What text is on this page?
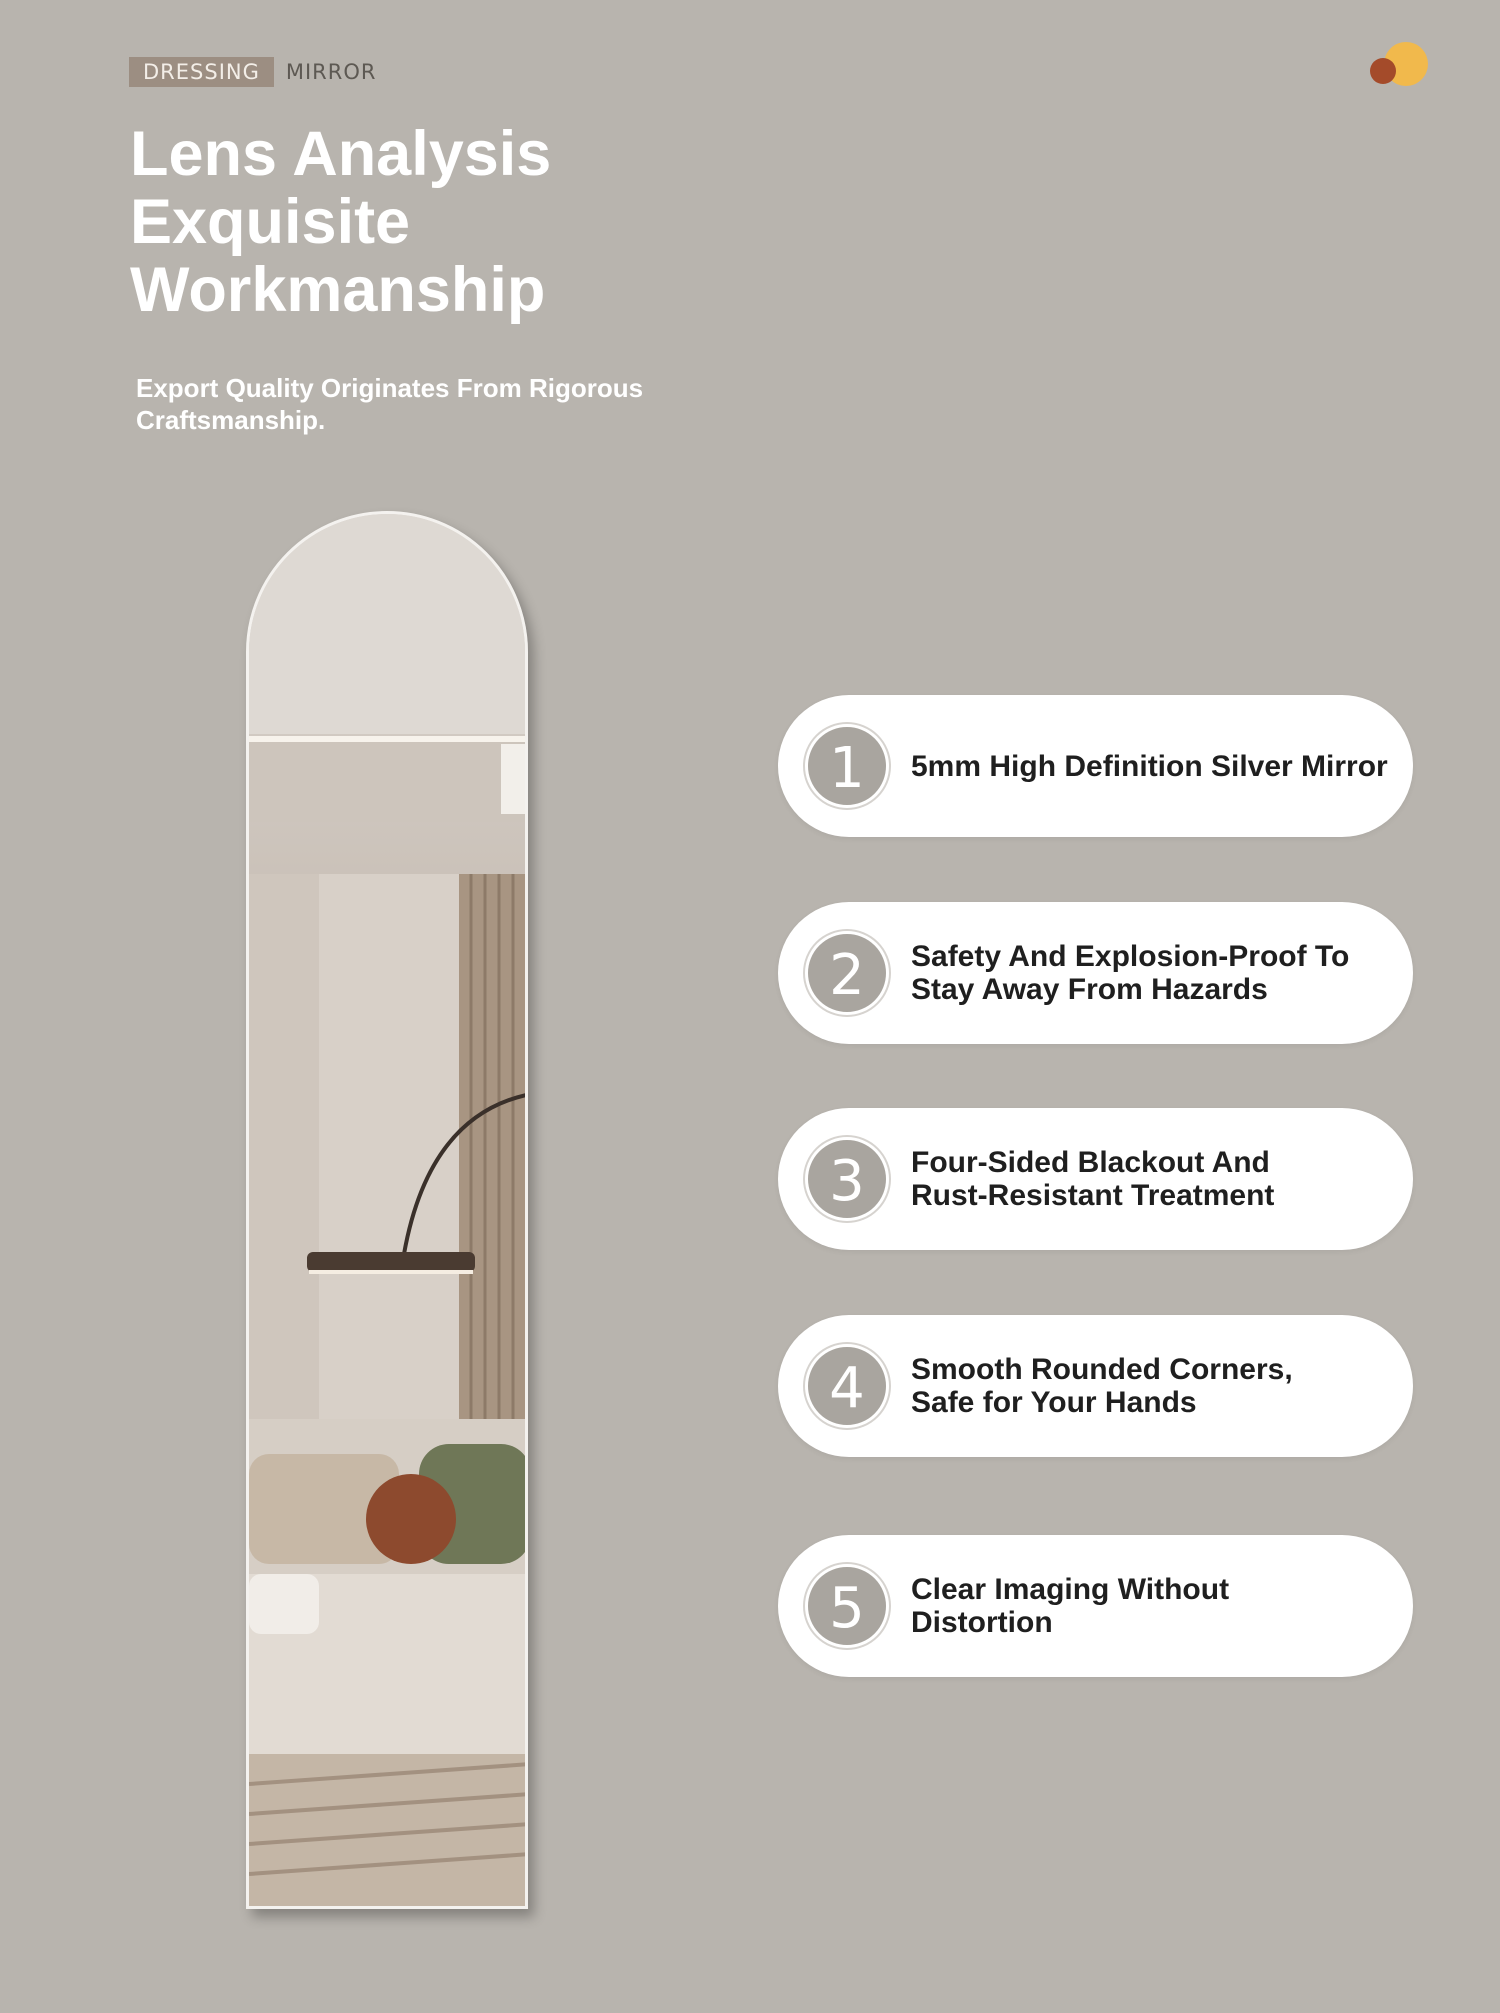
DRESSING	MIRROR
Lens Analysis
Exquisite
Workmanship
Export Quality Originates From Rigorous
Craftsmanship.
1	5mm High Definition Silver Mirror
2	Safety And Explosion-Proof To
Stay Away From Hazards
3	Four-Sided Blackout And
Rust-Resistant Treatment
4	Smooth Rounded Corners,
Safe for Your Hands
5	Clear Imaging Without
Distortion
